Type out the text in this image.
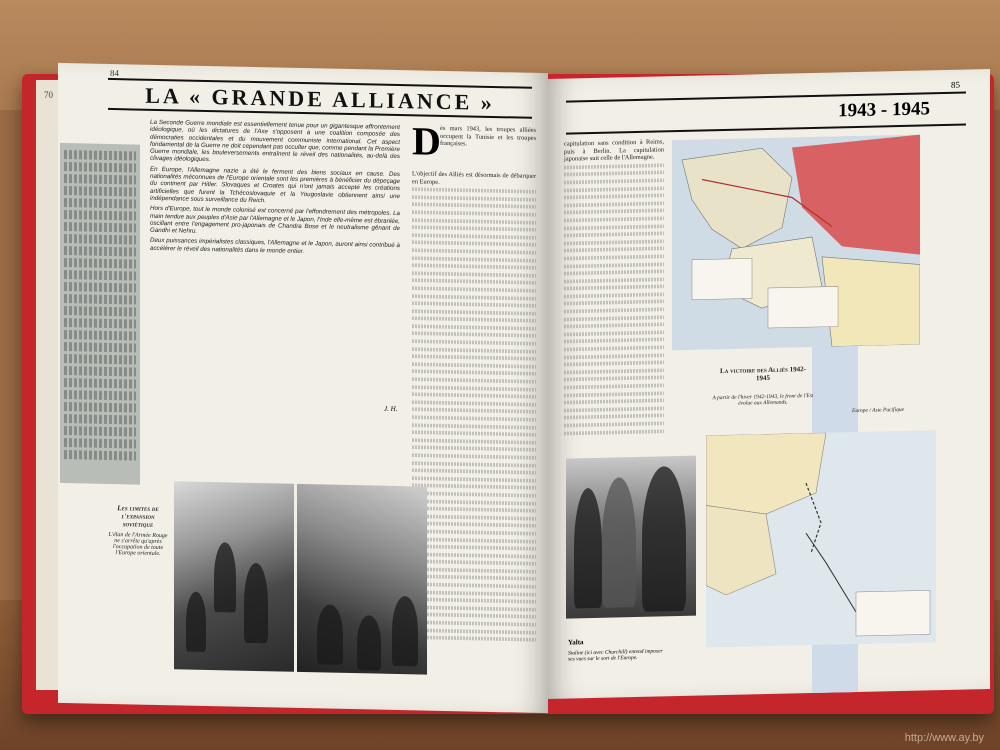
70
84
LA « GRANDE ALLIANCE »

La Seconde Guerre mondiale est essentiellement tenue pour un gigantesque affrontement idéologique, où les dictatures de l'Axe s'opposent à une coalition composée des démocraties occidentales et du mouvement communiste international. Cet aspect fondamental de la Guerre ne doit cependant pas occulter que, comme pendant la Première Guerre mondiale, les bouleversements entraînent le réveil des nationalités, au-delà des clivages idéologiques.

En Europe, l'Allemagne nazie a été le ferment des biens sociaux en cause. Des nationalités méconnues de l'Europe orientale sont les premières à bénéficier du dépeçage du continent par Hitler. Slovaques et Croates qui n'ont jamais accepté les créations artificielles que furent la Tchécoslovaquie et la Yougoslavie obtiennent ainsi une indépendance sous surveillance du Reich.

Hors d'Europe, tout le monde colonisé est concerné par l'effondrement des métropoles. La main tendue aux peuples d'Asie par l'Allemagne et le Japon, l'Inde elle-même est ébranlée, oscillant entre l'engagement pro-japonais de Chandra Bose et le neutralisme gênant de Gandhi et Nehru.

Deux puissances impérialistes classiques, l'Allemagne et le Japon, auront ainsi contribué à accélérer le réveil des nationalités dans le monde entier.

J. H.
D ès mars 1943, les troupes alliées occupent la Tunisie et les troupes françaises.
L'objectif des Alliés est désormais de débarquer en Europe.
Les limites de l'expansion soviétique
L'élan de l'Armée Rouge ne s'arrête qu'après l'occupation de toute l'Europe orientale.
85
1943 - 1945
capitulation sans condition à Reims, puis à Berlin. La capitulation japonaise suit celle de l'Allemagne.
La victoire des Alliés 1942-1945
A partir de l'hiver 1942-1943, le front de l'Est évolue aux Allemands.
Europe / Asie Pacifique
Yalta
Staline (ici avec Churchill) entend imposer ses vues sur le sort de l'Europe.
http://www.ay.by
